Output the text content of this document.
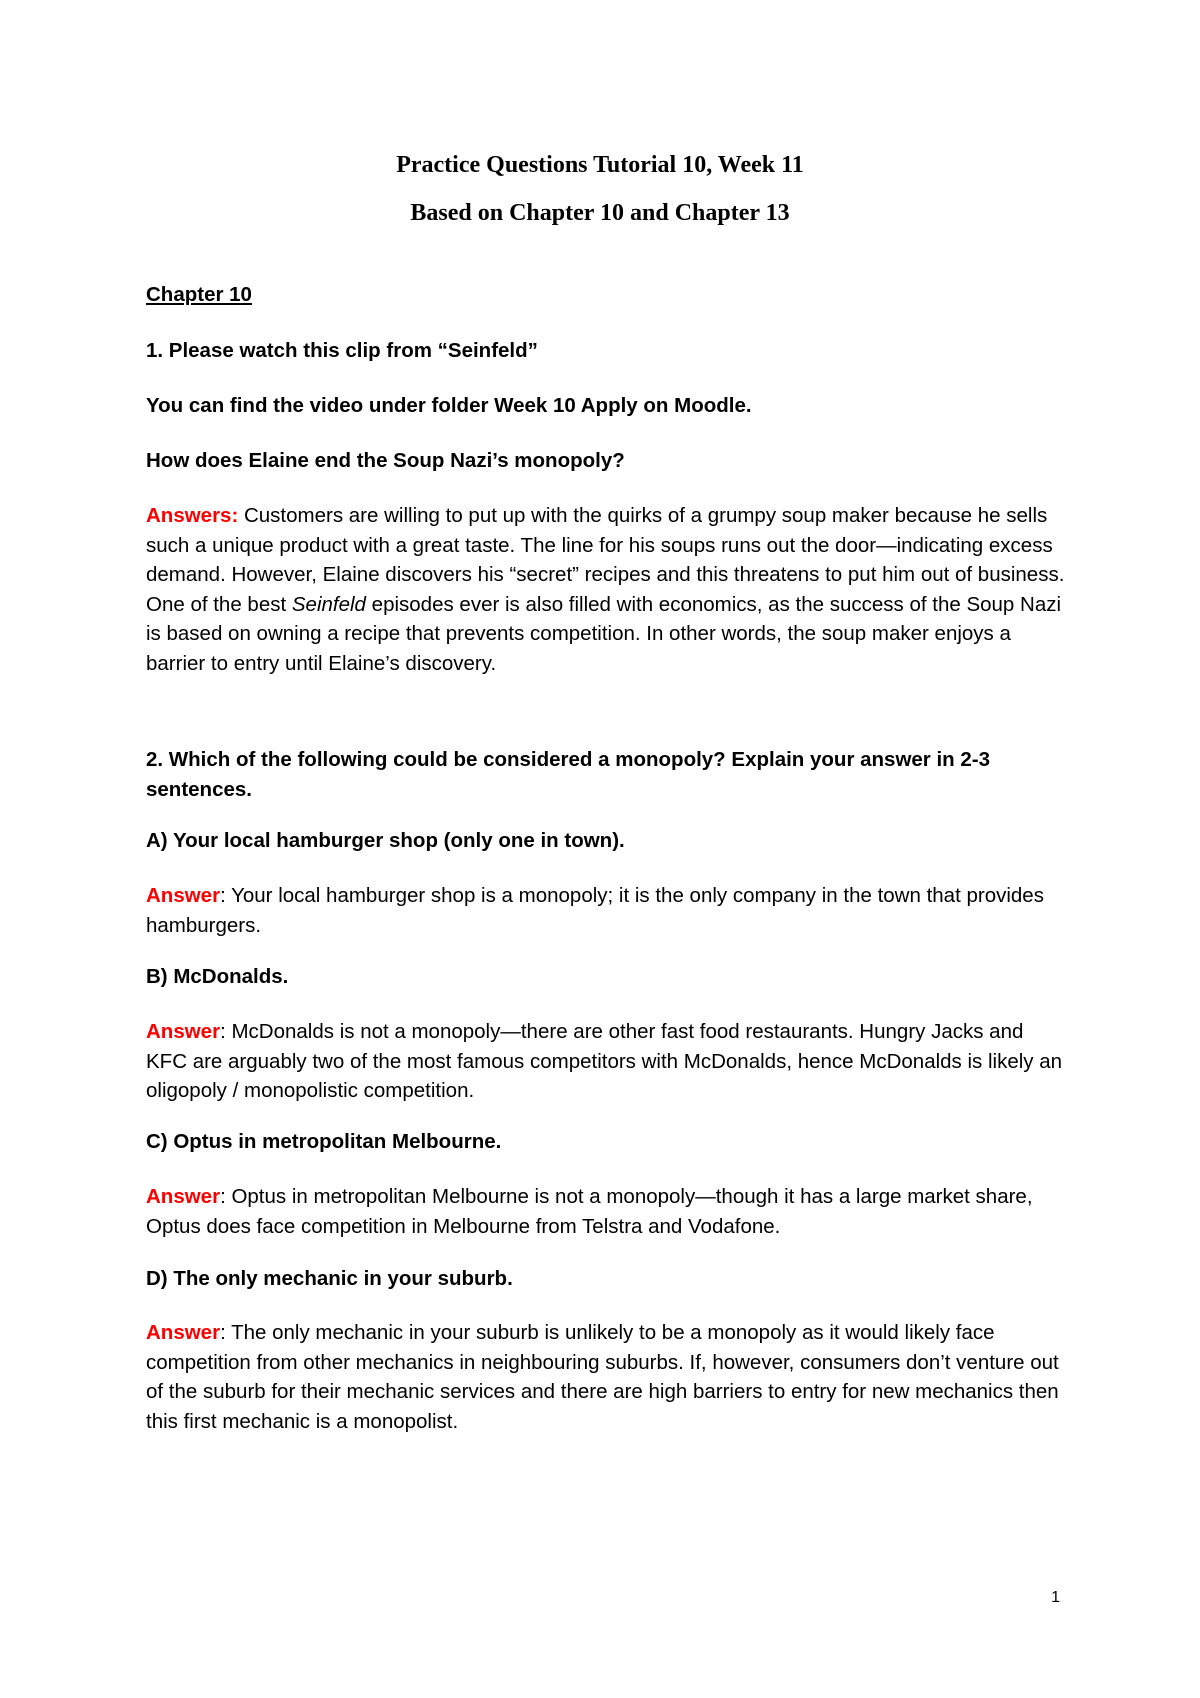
Practice Questions Tutorial 10, Week 11
Based on Chapter 10 and Chapter 13

Chapter 10

1. Please watch this clip from “Seinfeld”

You can find the video under folder Week 10 Apply on Moodle.

How does Elaine end the Soup Nazi’s monopoly?

Answers: Customers are willing to put up with the quirks of a grumpy soup maker because he sells such a unique product with a great taste. The line for his soups runs out the door—indicating excess demand. However, Elaine discovers his “secret” recipes and this threatens to put him out of business. One of the best Seinfeld episodes ever is also filled with economics, as the success of the Soup Nazi is based on owning a recipe that prevents competition. In other words, the soup maker enjoys a barrier to entry until Elaine’s discovery.

2. Which of the following could be considered a monopoly? Explain your answer in 2-3 sentences.

A) Your local hamburger shop (only one in town).

Answer: Your local hamburger shop is a monopoly; it is the only company in the town that provides hamburgers.

B) McDonalds.

Answer: McDonalds is not a monopoly—there are other fast food restaurants. Hungry Jacks and KFC are arguably two of the most famous competitors with McDonalds, hence McDonalds is likely an oligopoly / monopolistic competition.

C) Optus in metropolitan Melbourne.

Answer: Optus in metropolitan Melbourne is not a monopoly—though it has a large market share, Optus does face competition in Melbourne from Telstra and Vodafone.

D) The only mechanic in your suburb.

Answer: The only mechanic in your suburb is unlikely to be a monopoly as it would likely face competition from other mechanics in neighbouring suburbs. If, however, consumers don’t venture out of the suburb for their mechanic services and there are high barriers to entry for new mechanics then this first mechanic is a monopolist.

1
